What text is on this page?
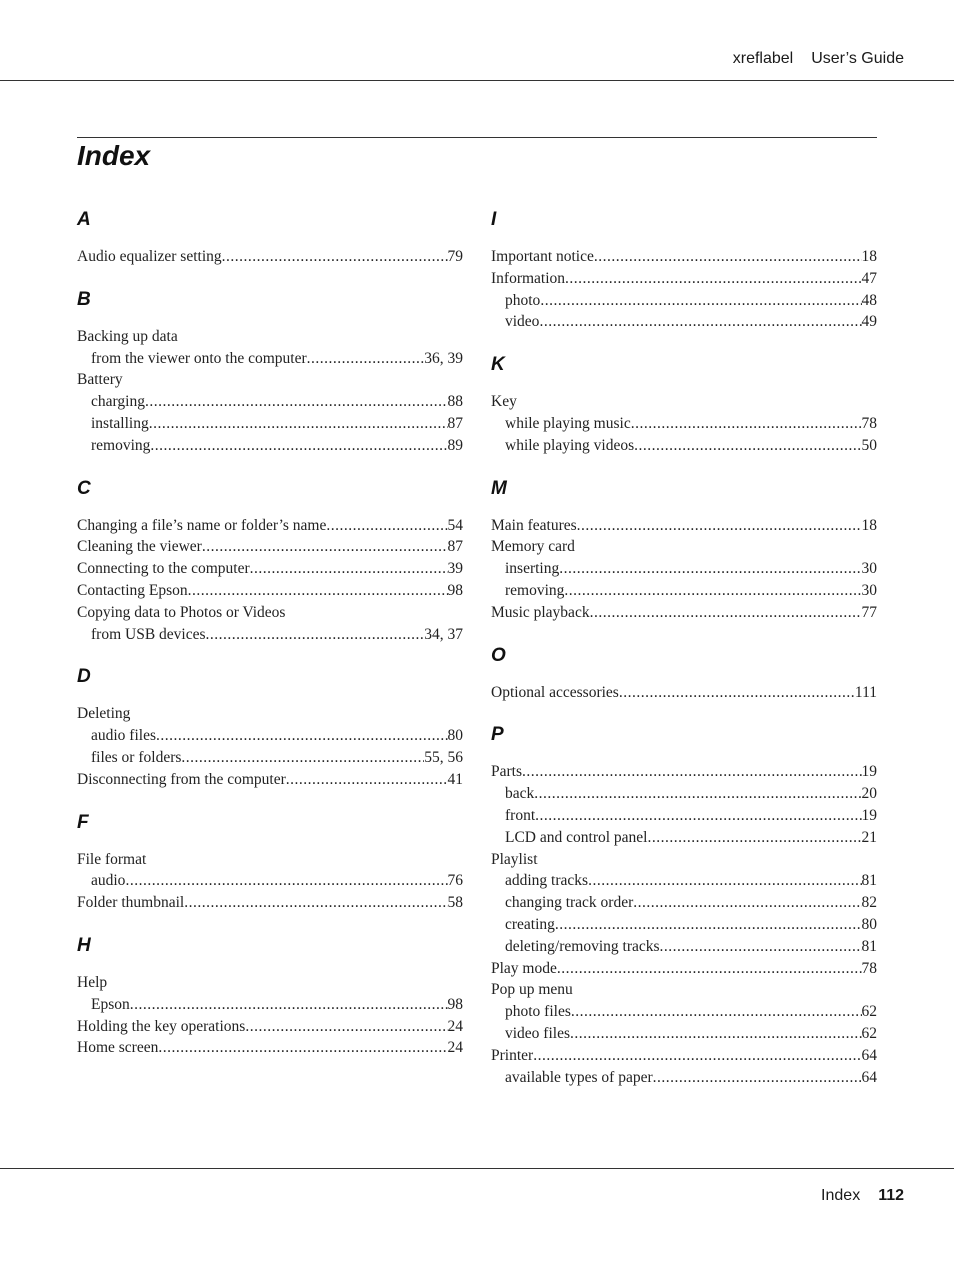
xreflabel User’s Guide
Index
A
Audio equalizer setting .....	79
B
Backing up data
from the viewer onto the computer .....	36, 39
Battery
charging .....	88
installing .....	87
removing .....	89
C
Changing a file’s name or folder’s name .....	54
Cleaning the viewer .....	87
Connecting to the computer .....	39
Contacting Epson .....	98
Copying data to Photos or Videos
from USB devices .....	34, 37
D
Deleting
audio files .....	80
files or folders .....	55, 56
Disconnecting from the computer .....	41
F
File format
audio .....	76
Folder thumbnail .....	58
H
Help
Epson .....	98
Holding the key operations .....	24
Home screen .....	24
I
Important notice .....	18
Information .....	47
photo .....	48
video .....	49
K
Key
while playing music .....	78
while playing videos .....	50
M
Main features .....	18
Memory card
inserting .....	30
removing .....	30
Music playback .....	77
O
Optional accessories .....	111
P
Parts .....	19
back .....	20
front .....	19
LCD and control panel .....	21
Playlist
adding tracks .....	81
changing track order .....	82
creating .....	80
deleting/removing tracks .....	81
Play mode .....	78
Pop up menu
photo files .....	62
video files .....	62
Printer .....	64
available types of paper .....	64
Index 112
